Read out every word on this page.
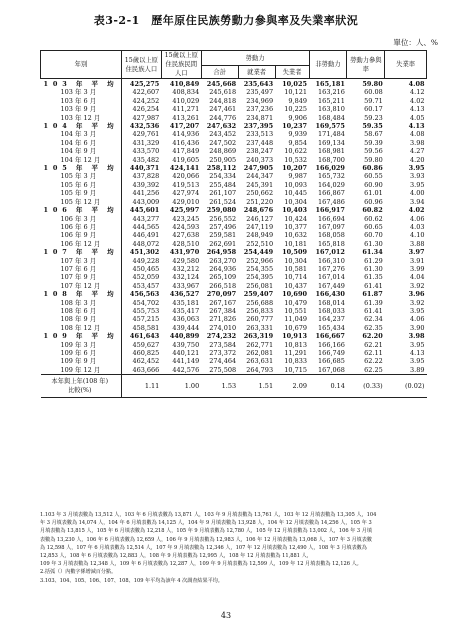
表3-2-1　歷年原住民族勞動力參與率及失業率狀況
單位：人、%
年別	15歲以上原住民族人口	15歲以上原住民族民間人口	勞動力			非勞動力	勞動力參與率	失業率
			合計	就業者	失業者			
1 0 3　年　平　均	425,275	410,849	245,668	235,643	10,025	165,181	59.80	4.08
103 年 3 月	422,607	408,834	245,618	235,497	10,121	163,216	60.08	4.12
103 年 6 月	424,252	410,029	244,818	234,969	9,849	165,211	59.71	4.02
103 年 9 月	426,254	411,271	247,461	237,236	10,225	163,810	60.17	4.13
103 年 12 月	427,987	413,261	244,776	234,871	9,906	168,484	59.23	4.05
1 0 4　年　平　均	432,536	417,207	247,632	237,395	10,237	169,575	59.35	4.13
104 年 3 月	429,761	414,936	243,452	233,513	9,939	171,484	58.67	4.08
104 年 6 月	431,329	416,436	247,502	237,448	9,854	169,134	59.39	3.98
104 年 9 月	433,570	417,849	248,869	238,247	10,622	168,981	59.56	4.27
104 年 12 月	435,482	419,605	250,905	240,373	10,532	168,700	59.80	4.20
1 0 5　年　平　均	440,371	424,141	258,112	247,905	10,207	166,029	60.86	3.95
105 年 3 月	437,828	420,066	254,334	244,347	9,987	165,732	60.55	3.93
105 年 6 月	439,392	419,513	255,484	245,391	10,093	164,029	60.90	3.95
105 年 9 月	441,256	427,974	261,107	250,662	10,445	166,867	61.01	4.00
105 年 12 月	443,009	429,010	261,524	251,220	10,304	167,486	60.96	3.94
1 0 6　年　平　均	445,601	425,997	259,080	248,676	10,403	166,917	60.82	4.02
106 年 3 月	443,277	423,245	256,552	246,127	10,424	166,694	60.62	4.06
106 年 6 月	444,565	424,593	257,496	247,119	10,377	167,097	60.65	4.03
106 年 9 月	446,491	427,638	259,581	248,949	10,632	168,058	60.70	4.10
106 年 12 月	448,072	428,510	262,691	252,510	10,181	165,818	61.30	3.88
1 0 7　年　平　均	451,302	431,970	264,958	254,449	10,509	167,012	61.34	3.97
107 年 3 月	449,228	429,580	263,270	252,966	10,304	166,310	61.29	3.91
107 年 6 月	450,465	432,212	264,936	254,355	10,581	167,276	61.30	3.99
107 年 9 月	452,059	432,124	265,109	254,395	10,714	167,014	61.35	4.04
107 年 12 月	453,457	433,967	266,518	256,081	10,437	167,449	61.41	3.92
1 0 8　年　平　均	456,563	436,527	270,097	259,407	10,690	166,430	61.87	3.96
108 年 3 月	454,702	435,181	267,167	256,688	10,479	168,014	61.39	3.92
108 年 6 月	455,753	435,417	267,384	256,833	10,551	168,033	61.41	3.95
108 年 9 月	457,215	436,063	271,826	260,777	11,049	164,237	62.34	4.06
108 年 12 月	458,581	439,444	274,010	263,331	10,679	165,434	62.35	3.90
1 0 9　年　平　均	461,643	440,899	274,232	263,319	10,913	166,667	62.20	3.98
109 年 3 月	459,627	439,750	273,584	262,771	10,813	166,166	62.21	3.95
109 年 6 月	460,825	440,121	273,372	262,081	11,291	166,749	62.11	4.13
109 年 9 月	462,452	441,149	274,464	263,631	10,833	166,685	62.22	3.95
109 年 12 月	463,666	442,576	275,508	264,793	10,715	167,068	62.25	3.89
本年與上年(108 年)
比較(%)	1.11	1.00	1.53	1.51	2.09	0.14	(0.33)	(0.02)
1.103 年 3 月填表數為 13,512 人，103 年 6 月填表數為 13,871 人，103 年 9 月填表數為 13,761 人，103 年 12 月填表數為 13,305 人，104
年 3 月填表數為 14,074 人，104 年 6 月填表數為 14,125 人，104 年 9 月填表數為 13,928 人，104 年 12 月填表數為 14,256 人，105 年 3
月填表數為 13,815 人，105 年 6 月填表數為 12,218 人，105 年 9 月填表數為 12,780 人，105 年 12 月填表數為 13,002 人，106 年 3 月填
表數為 13,230 人，106 年 6 月填表數為 12,659 人，106 年 9 月填表數為 12,983 人，106 年 12 月填表數為 13,068 人，107 年 3 月填表數
為 12,598 人，107 年 6 月填表數為 12,514 人，107 年 9 月填表數為 12,346 人，107 年 12 月填表數為 12,490 人，108 年 3 月填表數為
12,853 人，108 年 6 月填表數為 12,883 人，108 年 9 月填表數為 12,995 人，108 年 12 月填表數為 11,881 人，
109 年 3 月填表數為 12,348 人，109 年 6 月填表數為 12,287 人，109 年 9 月填表數為 12,599 人，109 年 12 月填表數為 12,126 人。
2.括弧（）內數字係增減百分點。
3.103、104、105、106、107、108、109 年平均為該年 4 次調查結果平均。
43
